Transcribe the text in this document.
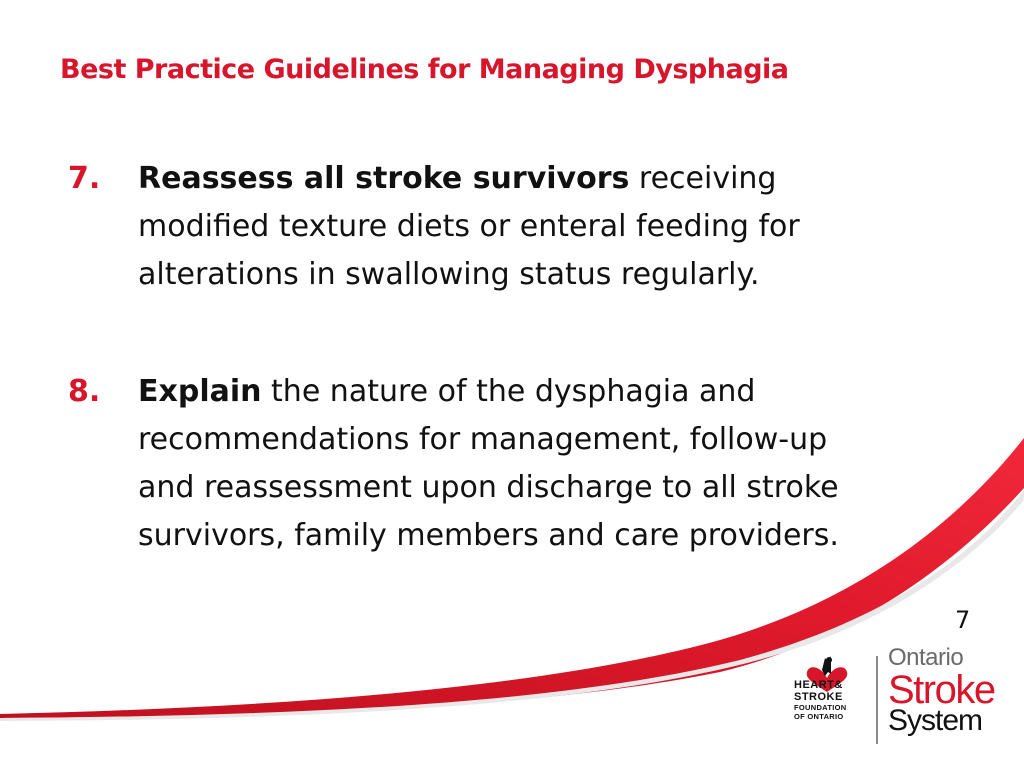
Best Practice Guidelines for Managing Dysphagia
7. Reassess all stroke survivors receiving modified texture diets or enteral feeding for alterations in swallowing status regularly.
8. Explain the nature of the dysphagia and recommendations for management, follow-up and reassessment upon discharge to all stroke survivors, family members and care providers.
7
HEART&
STROKE
FOUNDATION
OF ONTARIO
Ontario
Stroke
System
